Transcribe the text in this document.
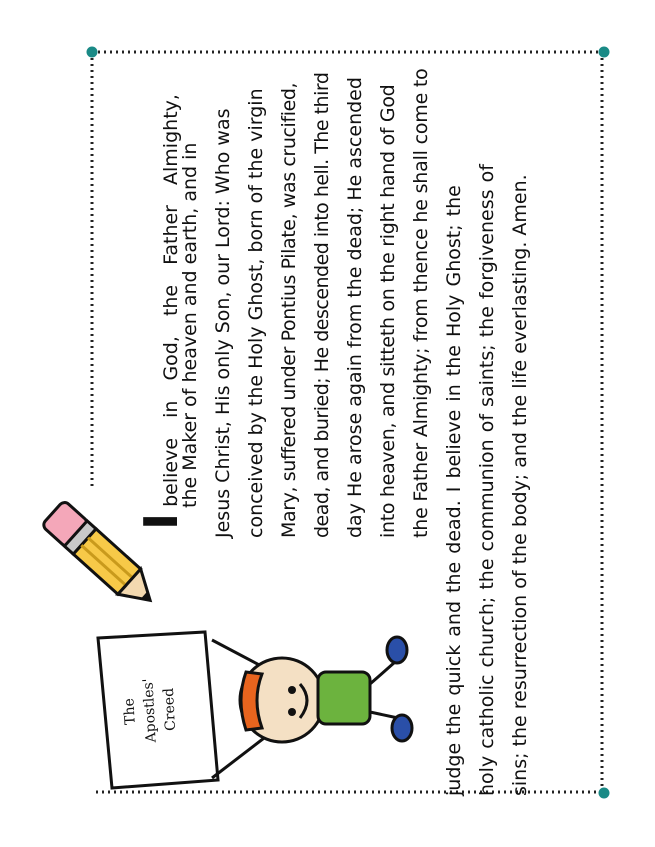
The Apostles' Creed
I
believe in God, the Father Almighty,
the Maker of heaven and earth, and in Jesus Christ, His only Son, our Lord: Who was conceived by the Holy Ghost, born of the virgin Mary, suffered under Pontius Pilate, was crucified, dead, and buried; He descended into hell. The third day He arose again from the dead; He ascended into heaven, and sitteth on the right hand of God the Father Almighty; from thence he shall come to judge the quick and the dead. I believe in the Holy Ghost; the holy catholic church; the communion of saints; the forgiveness of sins; the resurrection of the body; and the life everlasting. Amen.
